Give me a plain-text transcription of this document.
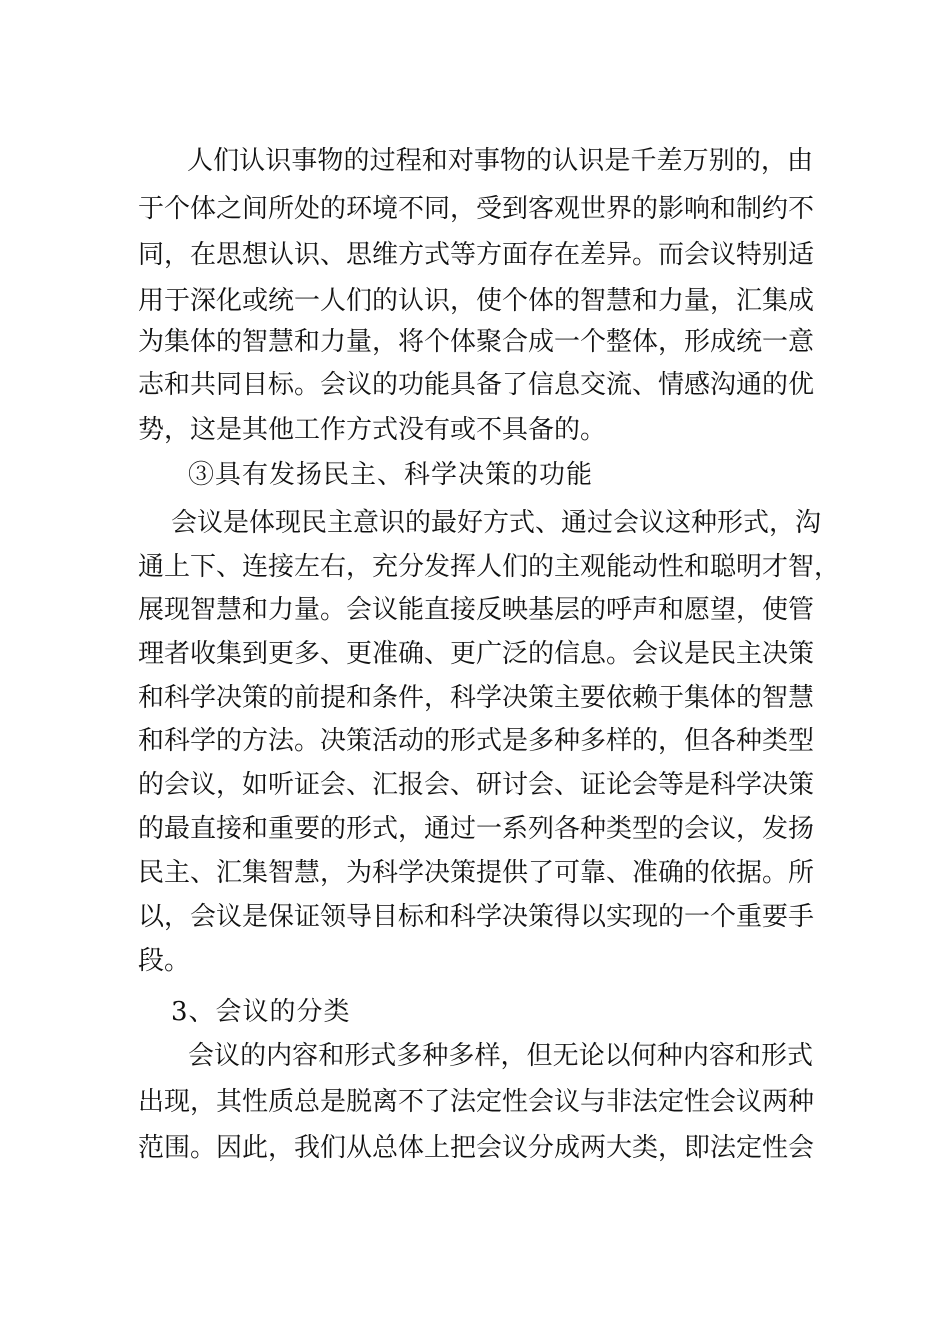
人们认识事物的过程和对事物的认识是千差万别的，由

于个体之间所处的环境不同，受到客观世界的影响和制约不

同，在思想认识、思维方式等方面存在差异。而会议特别适

用于深化或统一人们的认识，使个体的智慧和力量，汇集成

为集体的智慧和力量，将个体聚合成一个整体，形成统一意

志和共同目标。会议的功能具备了信息交流、情感沟通的优

势，这是其他工作方式没有或不具备的。

③具有发扬民主、科学决策的功能

会议是体现民主意识的最好方式、通过会议这种形式，沟

通上下、连接左右，充分发挥人们的主观能动性和聪明才智，

展现智慧和力量。会议能直接反映基层的呼声和愿望，使管

理者收集到更多、更准确、更广泛的信息。会议是民主决策

和科学决策的前提和条件，科学决策主要依赖于集体的智慧

和科学的方法。决策活动的形式是多种多样的，但各种类型

的会议，如听证会、汇报会、研讨会、证论会等是科学决策

的最直接和重要的形式，通过一系列各种类型的会议，发扬

民主、汇集智慧，为科学决策提供了可靠、准确的依据。所

以，会议是保证领导目标和科学决策得以实现的一个重要手

段。

3、会议的分类

会议的内容和形式多种多样，但无论以何种内容和形式

出现，其性质总是脱离不了法定性会议与非法定性会议两种

范围。因此，我们从总体上把会议分成两大类，即法定性会
